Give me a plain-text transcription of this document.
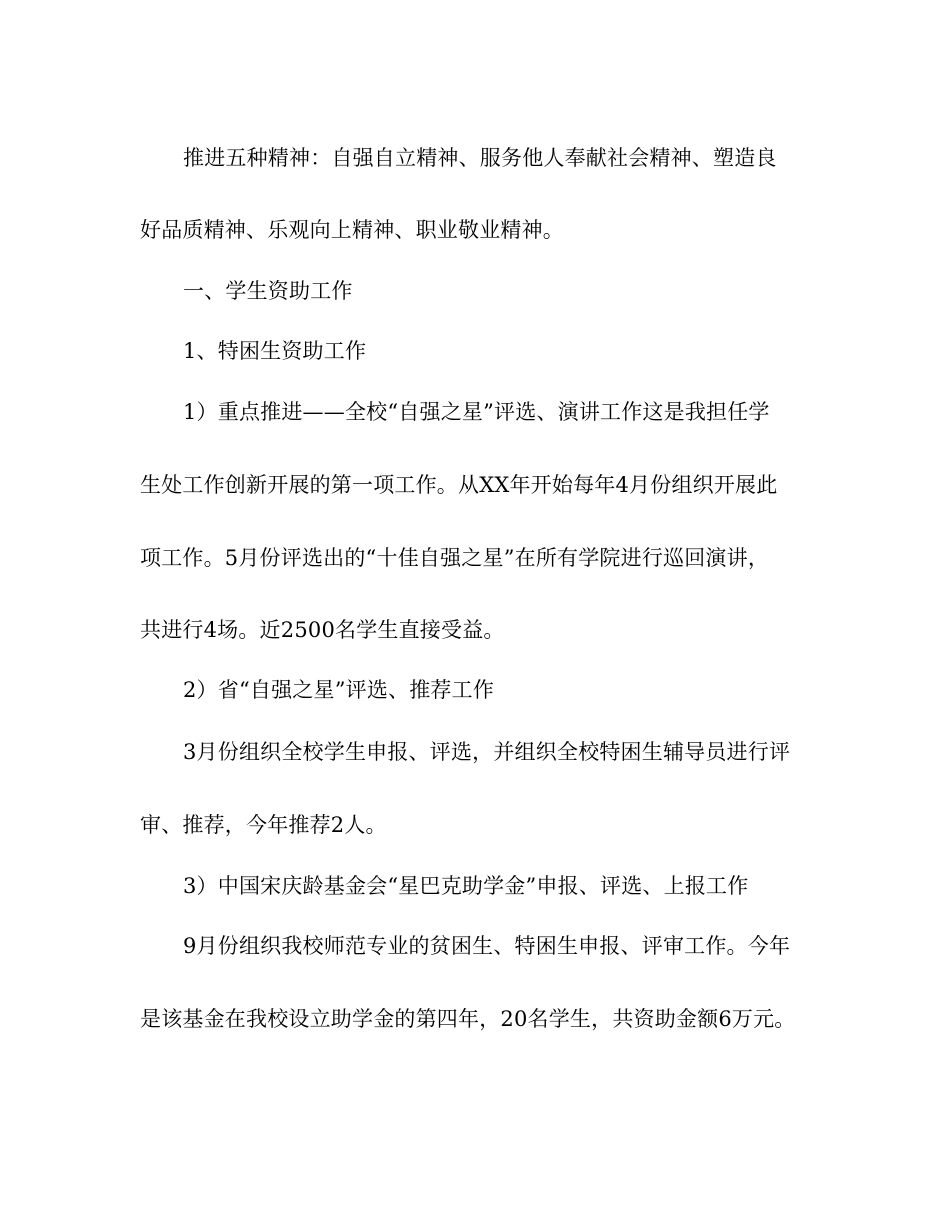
推进五种精神：自强自立精神、服务他人奉献社会精神、塑造良
好品质精神、乐观向上精神、职业敬业精神。
一、学生资助工作
1、特困生资助工作
1）重点推进——全校“自强之星”评选、演讲工作这是我担任学
生处工作创新开展的第一项工作。从XX年开始每年4月份组织开展此
项工作。5月份评选出的“十佳自强之星”在所有学院进行巡回演讲，
共进行4场。近2500名学生直接受益。
2）省“自强之星”评选、推荐工作
3月份组织全校学生申报、评选，并组织全校特困生辅导员进行评
审、推荐，今年推荐2人。
3）中国宋庆龄基金会“星巴克助学金”申报、评选、上报工作
9月份组织我校师范专业的贫困生、特困生申报、评审工作。今年
是该基金在我校设立助学金的第四年，20名学生，共资助金额6万元。
